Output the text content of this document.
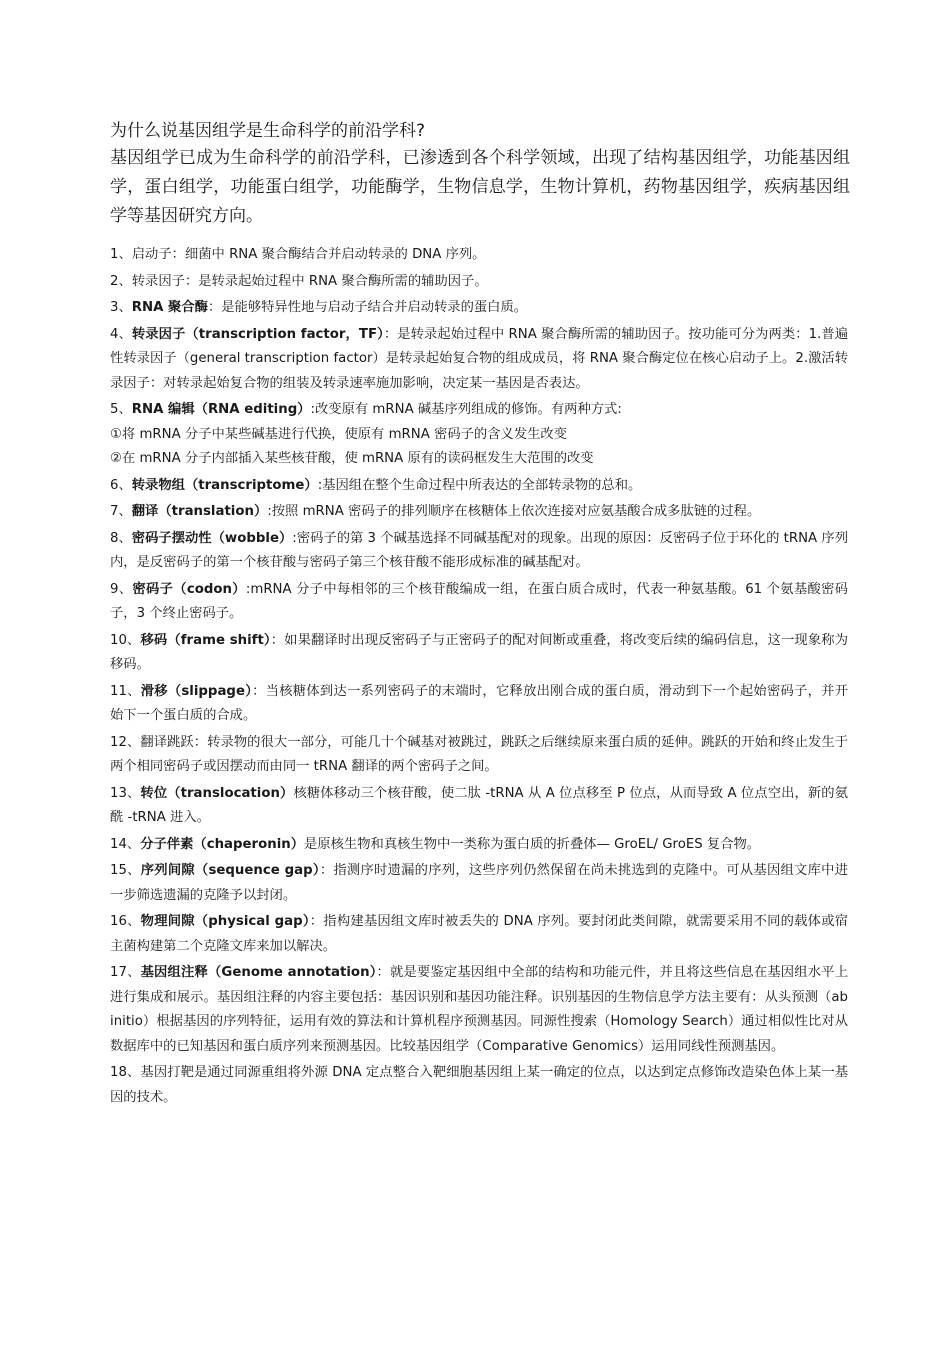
为什么说基因组学是生命科学的前沿学科?

基因组学已成为生命科学的前沿学科，已渗透到各个科学领域，出现了结构基因组学，功能基因组学，蛋白组学，功能蛋白组学，功能酶学，生物信息学，生物计算机，药物基因组学，疾病基因组学等基因研究方向。

1、启动子：细菌中 RNA 聚合酶结合并启动转录的 DNA 序列。

2、转录因子：是转录起始过程中 RNA 聚合酶所需的辅助因子。

3、RNA 聚合酶：是能够特异性地与启动子结合并启动转录的蛋白质。

4、转录因子（transcription factor，TF）：是转录起始过程中 RNA 聚合酶所需的辅助因子。按功能可分为两类：1.普遍性转录因子（general transcription factor）是转录起始复合物的组成成员，将 RNA 聚合酶定位在核心启动子上。2.激活转录因子：对转录起始复合物的组装及转录速率施加影响，决定某一基因是否表达。

5、RNA 编辑（RNA editing）:改变原有 mRNA 碱基序列组成的修饰。有两种方式:

①将 mRNA 分子中某些碱基进行代换，使原有 mRNA 密码子的含义发生改变

②在 mRNA 分子内部插入某些核苷酸，使 mRNA 原有的读码框发生大范围的改变

6、转录物组（transcriptome）:基因组在整个生命过程中所表达的全部转录物的总和。

7、翻译（translation）:按照 mRNA 密码子的排列顺序在核糖体上依次连接对应氨基酸合成多肽链的过程。

8、密码子摆动性（wobble）:密码子的第 3 个碱基选择不同碱基配对的现象。出现的原因：反密码子位于环化的 tRNA 序列内，是反密码子的第一个核苷酸与密码子第三个核苷酸不能形成标准的碱基配对。

9、密码子（codon）:mRNA 分子中每相邻的三个核苷酸编成一组，在蛋白质合成时，代表一种氨基酸。61 个氨基酸密码子，3 个终止密码子。

10、移码（frame shift）：如果翻译时出现反密码子与正密码子的配对间断或重叠，将改变后续的编码信息，这一现象称为移码。

11、滑移（slippage）：当核糖体到达一系列密码子的末端时，它释放出刚合成的蛋白质，滑动到下一个起始密码子，并开始下一个蛋白质的合成。

12、翻译跳跃：转录物的很大一部分，可能几十个碱基对被跳过，跳跃之后继续原来蛋白质的延伸。跳跃的开始和终止发生于两个相同密码子或因摆动而由同一 tRNA 翻译的两个密码子之间。

13、转位（translocation）核糖体移动三个核苷酸，使二肽 -tRNA 从 A 位点移至 P 位点，从而导致 A 位点空出，新的氨酰 -tRNA 进入。

14、分子伴素（chaperonin）是原核生物和真核生物中一类称为蛋白质的折叠体— GroEL/ GroES 复合物。

15、序列间隙（sequence gap）：指测序时遗漏的序列，这些序列仍然保留在尚未挑选到的克隆中。可从基因组文库中进一步筛选遗漏的克隆予以封闭。

16、物理间隙（physical gap）：指构建基因组文库时被丢失的 DNA 序列。要封闭此类间隙，就需要采用不同的载体或宿主菌构建第二个克隆文库来加以解决。

17、基因组注释（Genome annotation）：就是要鉴定基因组中全部的结构和功能元件，并且将这些信息在基因组水平上进行集成和展示。基因组注释的内容主要包括：基因识别和基因功能注释。识别基因的生物信息学方法主要有：从头预测（ab initio）根据基因的序列特征，运用有效的算法和计算机程序预测基因。同源性搜索（Homology Search）通过相似性比对从数据库中的已知基因和蛋白质序列来预测基因。比较基因组学（Comparative Genomics）运用同线性预测基因。

18、基因打靶是通过同源重组将外源 DNA 定点整合入靶细胞基因组上某一确定的位点，以达到定点修饰改造染色体上某一基因的技术。
